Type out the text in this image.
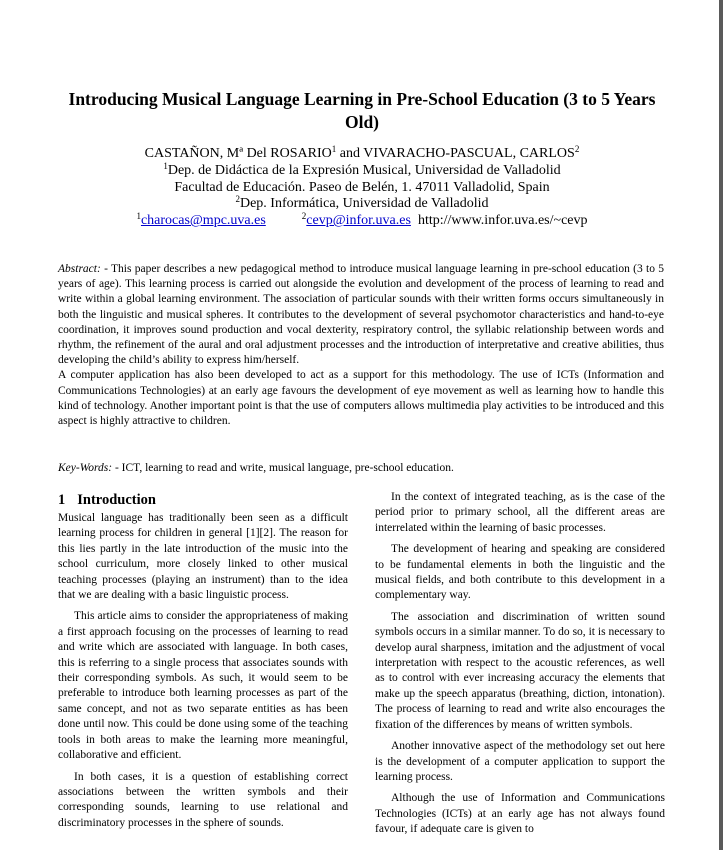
Introducing Musical Language Learning in Pre-School Education (3 to 5 Years Old)
CASTAÑON, Mª Del ROSARIO$^1$ and VIVARACHO-PASCUAL, CARLOS$^2$
$^1$Dep. de Didáctica de la Expresión Musical, Universidad de Valladolid
Facultad de Educación. Paseo de Belén, 1. 47011 Valladolid, Spain
$^2$Dep. Informática, Universidad de Valladolid
$^1$charocas@mpc.uva.es	$^2$cevp@infor.uva.es http://www.infor.uva.es/~cevp

Abstract: - This paper describes a new pedagogical method to introduce musical language learning in pre-school education (3 to 5 years of age). This learning process is carried out alongside the evolution and development of the process of learning to read and write within a global learning environment. The association of particular sounds with their written forms occurs simultaneously in both the linguistic and musical spheres. It contributes to the development of several psychomotor characteristics and hand-to-eye coordination, it improves sound production and vocal dexterity, respiratory control, the syllabic relationship between words and rhythm, the refinement of the aural and oral adjustment processes and the introduction of interpretative and creative abilities, thus developing the child’s ability to express him/herself.

A computer application has also been developed to act as a support for this methodology. The use of ICTs (Information and Communications Technologies) at an early age favours the development of eye movement as well as learning how to handle this kind of technology. Another important point is that the use of computers allows multimedia play activities to be introduced and this aspect is highly attractive to children.

Key-Words: - ICT, learning to read and write, musical language, pre-school education.
1 Introduction

Musical language has traditionally been seen as a difficult learning process for children in general [1][2]. The reason for this lies partly in the late introduction of the music into the school curriculum, more closely linked to other musical teaching processes (playing an instrument) than to the idea that we are dealing with a basic linguistic process.

This article aims to consider the appropriateness of making a first approach focusing on the processes of learning to read and write which are associated with language. In both cases, this is referring to a single process that associates sounds with their corresponding symbols. As such, it would seem to be preferable to introduce both learning processes as part of the same concept, and not as two separate entities as has been done until now. This could be done using some of the teaching tools in both areas to make the learning more meaningful, collaborative and efficient.

In both cases, it is a question of establishing correct associations between the written symbols and their corresponding sounds, learning to use relational and discriminatory processes in the sphere of sounds.

In the context of integrated teaching, as is the case of the period prior to primary school, all the different areas are interrelated within the learning of basic processes.

The development of hearing and speaking are considered to be fundamental elements in both the linguistic and the musical fields, and both contribute to this development in a complementary way.

The association and discrimination of written sound symbols occurs in a similar manner. To do so, it is necessary to develop aural sharpness, imitation and the adjustment of vocal interpretation with respect to the acoustic references, as well as to control with ever increasing accuracy the elements that make up the speech apparatus (breathing, diction, intonation). The process of learning to read and write also encourages the fixation of the differences by means of written symbols.

Another innovative aspect of the methodology set out here is the development of a computer application to support the learning process.

Although the use of Information and Communications Technologies (ICTs) at an early age has not always found favour, if adequate care is given to
